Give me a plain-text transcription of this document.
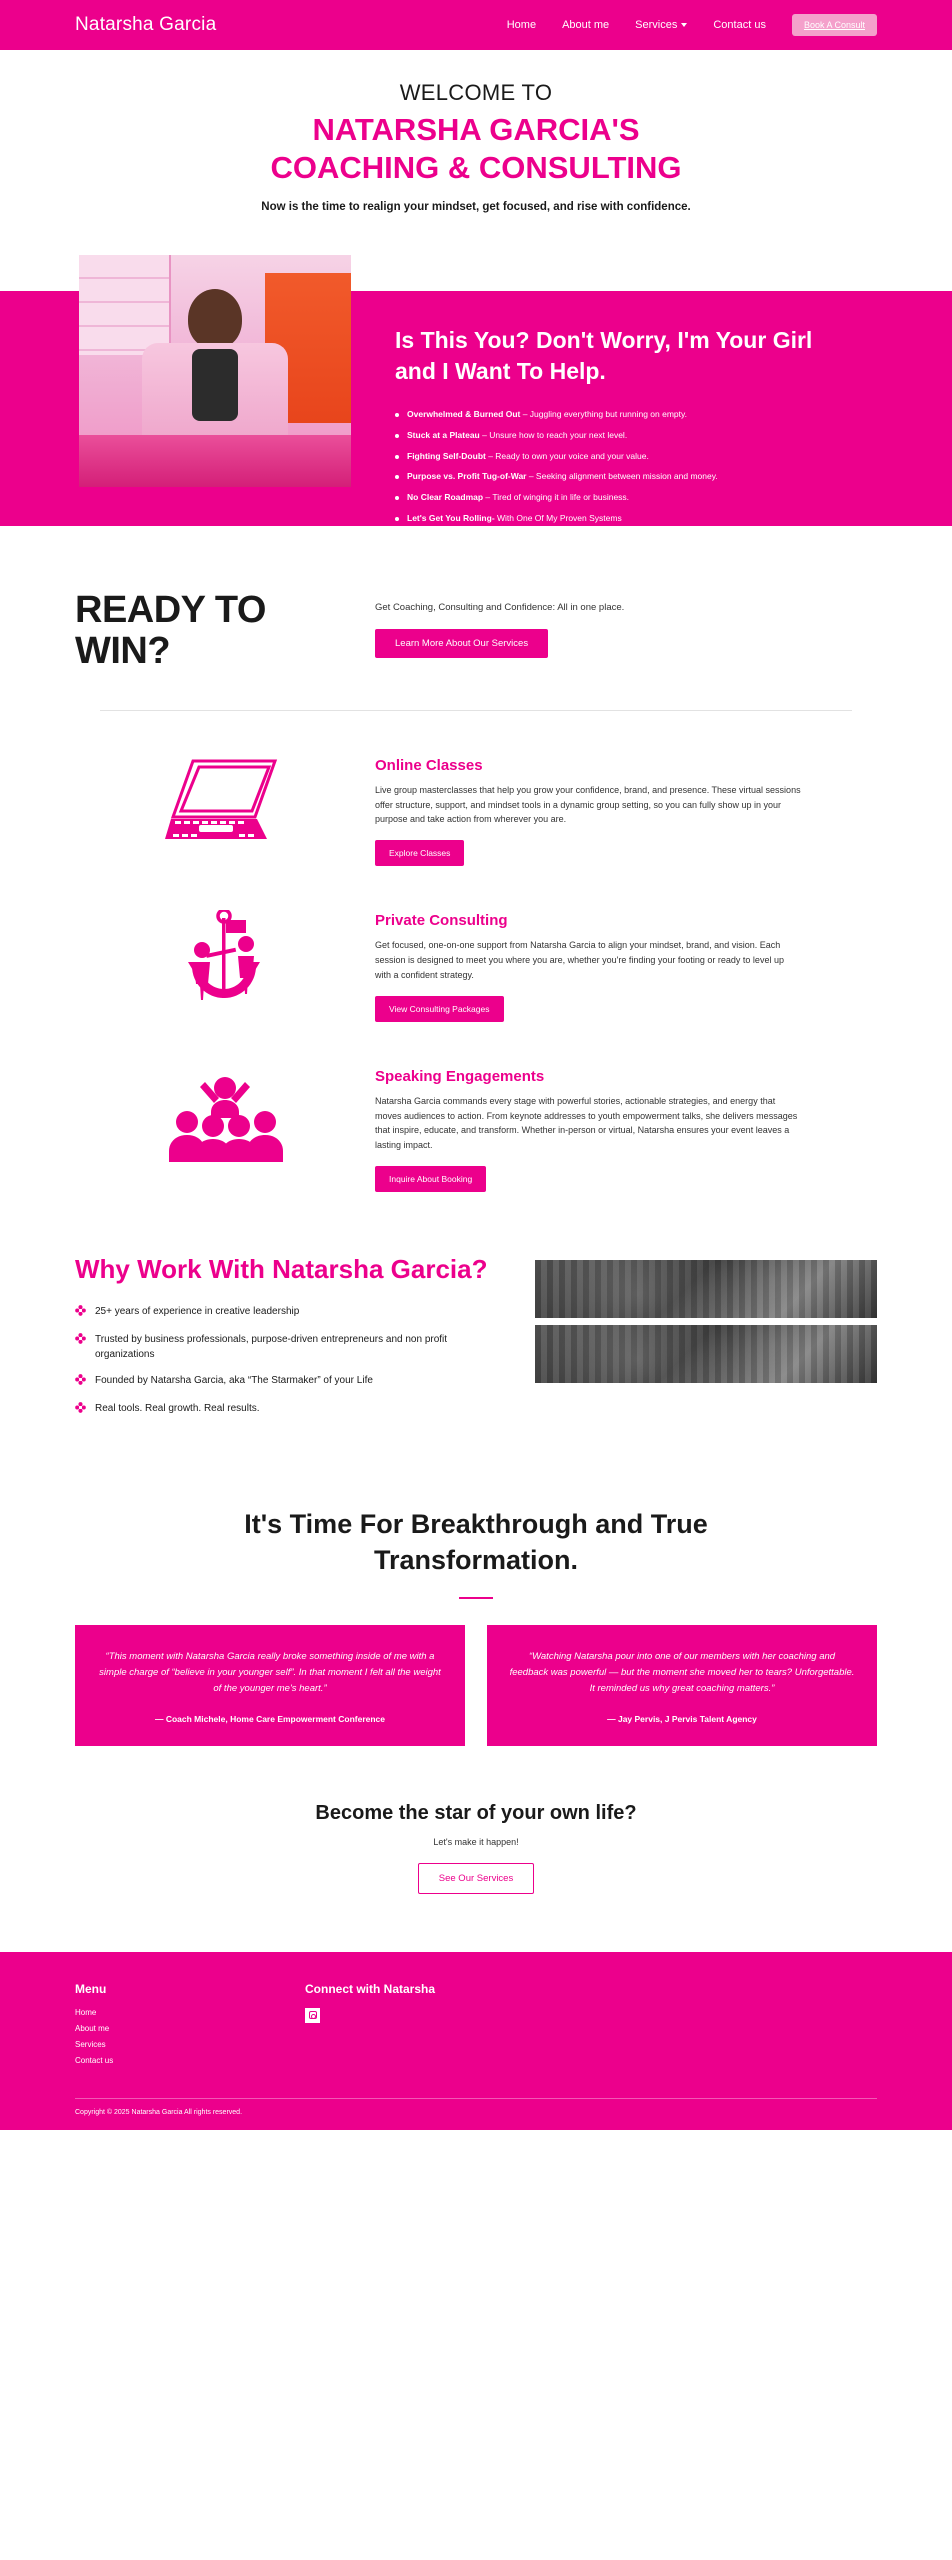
Natarsha Garcia	Home About me Services	Contact us	Book A Consult
WELCOME TO
NATARSHA GARCIA'S
COACHING & CONSULTING
Now is the time to realign your mindset, get focused, and rise with confidence.
Is This You? Don't Worry, I'm Your Girl and I Want To Help.
Overwhelmed & Burned Out – Juggling everything but running on empty.
Stuck at a Plateau – Unsure how to reach your next level.
Fighting Self-Doubt – Ready to own your voice and your value.
Purpose vs. Profit Tug-of-War – Seeking alignment between mission and money.
No Clear Roadmap – Tired of winging it in life or business.
Let's Get You Rolling- With One Of My Proven Systems
READY TO
WIN?
Get Coaching, Consulting and Confidence: All in one place.
Learn More About Our Services
Online Classes
Live group masterclasses that help you grow your confidence, brand, and presence. These virtual sessions offer structure, support, and mindset tools in a dynamic group setting, so you can fully show up in your purpose and take action from wherever you are.
Explore Classes
Private Consulting
Get focused, one-on-one support from Natarsha Garcia to align your mindset, brand, and vision. Each session is designed to meet you where you are, whether you're finding your footing or ready to level up with a confident strategy.
View Consulting Packages
Speaking Engagements
Natarsha Garcia commands every stage with powerful stories, actionable strategies, and energy that moves audiences to action. From keynote addresses to youth empowerment talks, she delivers messages that inspire, educate, and transform. Whether in-person or virtual, Natarsha ensures your event leaves a lasting impact.
Inquire About Booking
Why Work With Natarsha Garcia?
25+ years of experience in creative leadership
Trusted by business professionals, purpose-driven entrepreneurs and non profit organizations
Founded by Natarsha Garcia, aka “The Starmaker” of your Life
Real tools. Real growth. Real results.
It's Time For Breakthrough and True Transformation.
“This moment with Natarsha Garcia really broke something inside of me with a simple charge of “believe in your younger self”. In that moment I felt all the weight of the younger me's heart.”
— Coach Michele, Home Care Empowerment Conference
“Watching Natarsha pour into one of our members with her coaching and feedback was powerful — but the moment she moved her to tears? Unforgettable. It reminded us why great coaching matters.”
— Jay Pervis, J Pervis Talent Agency
Become the star of your own life?

Let's make it happen!

See Our Services
Menu
Home
About me
Services
Contact us
Connect with Natarsha
Copyright © 2025 Natarsha Garcia All rights reserved.
